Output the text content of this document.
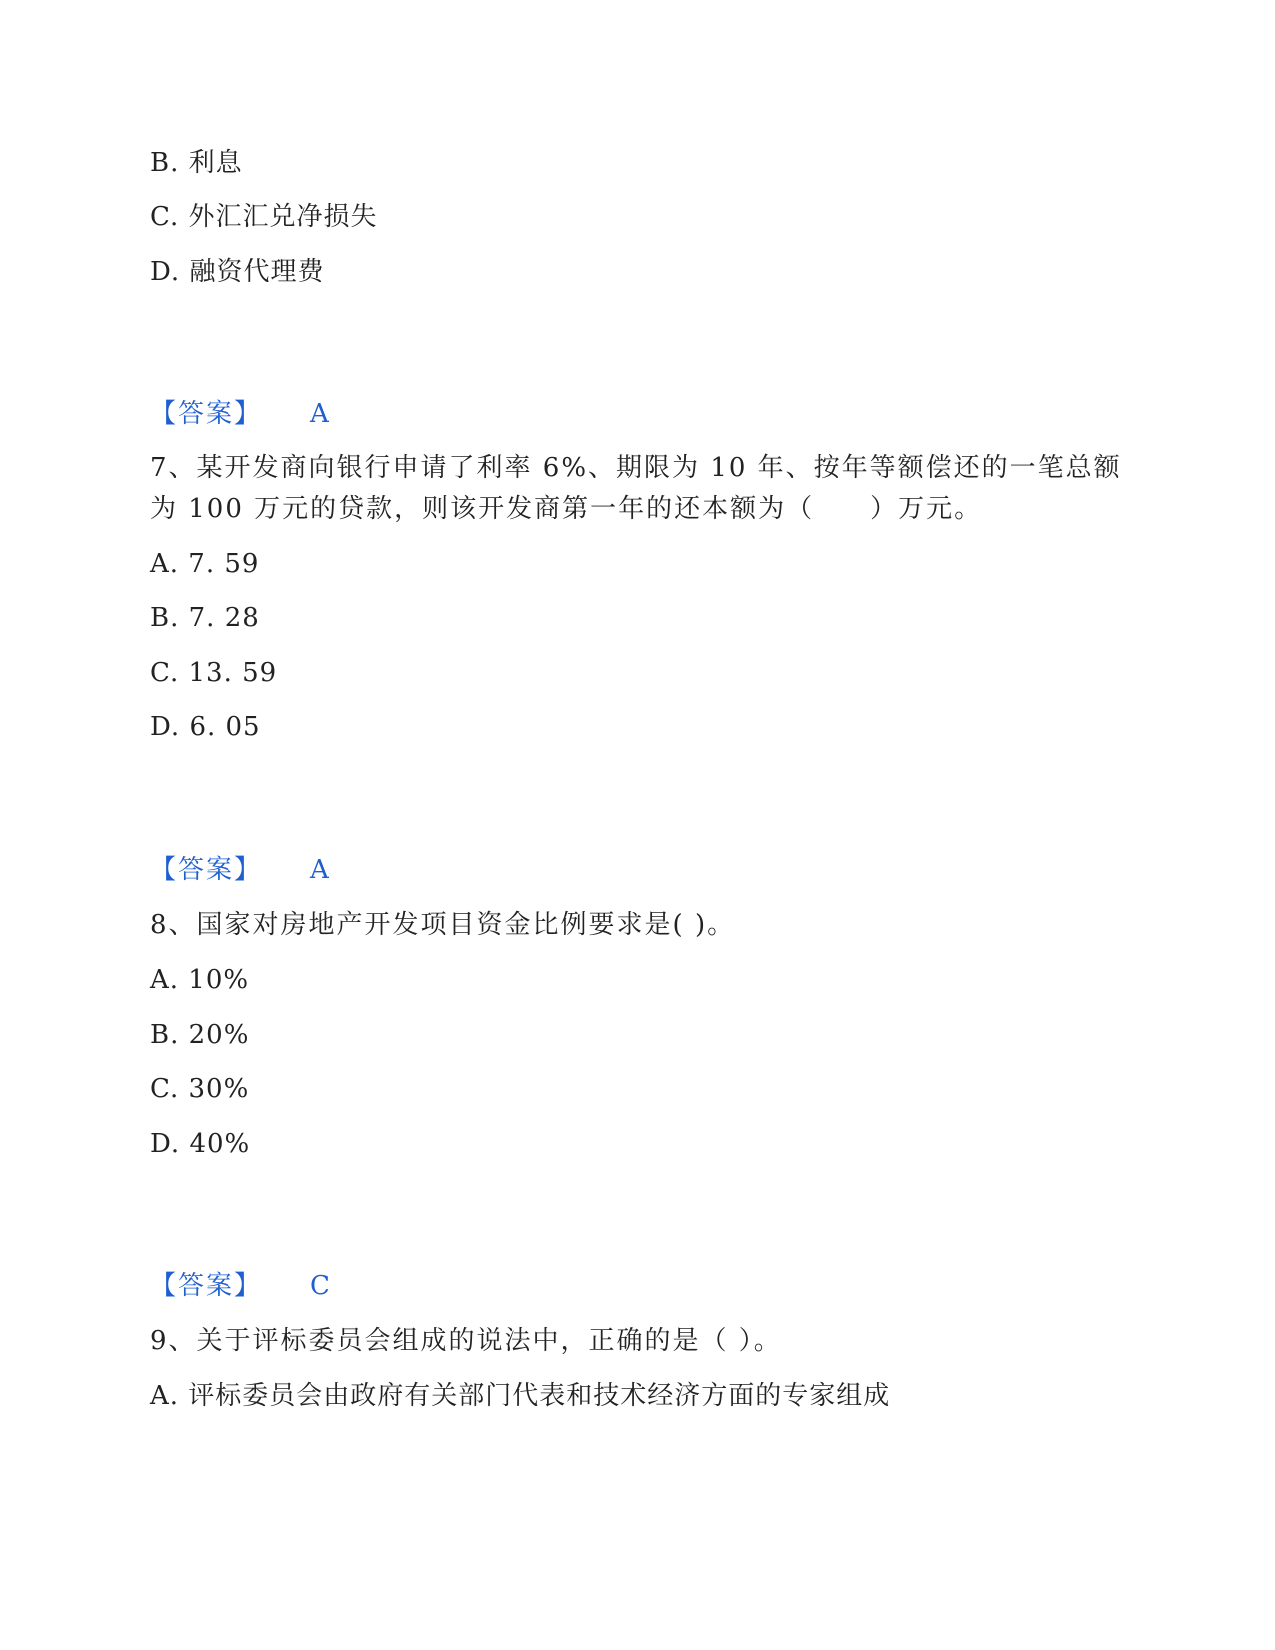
B. 利息
C. 外汇汇兑净损失
D. 融资代理费
【答案】 A
7、某开发商向银行申请了利率 6%、期限为 10 年、按年等额偿还的一笔总额
为 100 万元的贷款，则该开发商第一年的还本额为（　　）万元。
A. 7. 59
B. 7. 28
C. 13. 59
D. 6. 05
【答案】 A
8、国家对房地产开发项目资金比例要求是( )。
A. 10%
B. 20%
C. 30%
D. 40%
【答案】 C
9、关于评标委员会组成的说法中，正确的是（ ）。
A. 评标委员会由政府有关部门代表和技术经济方面的专家组成
